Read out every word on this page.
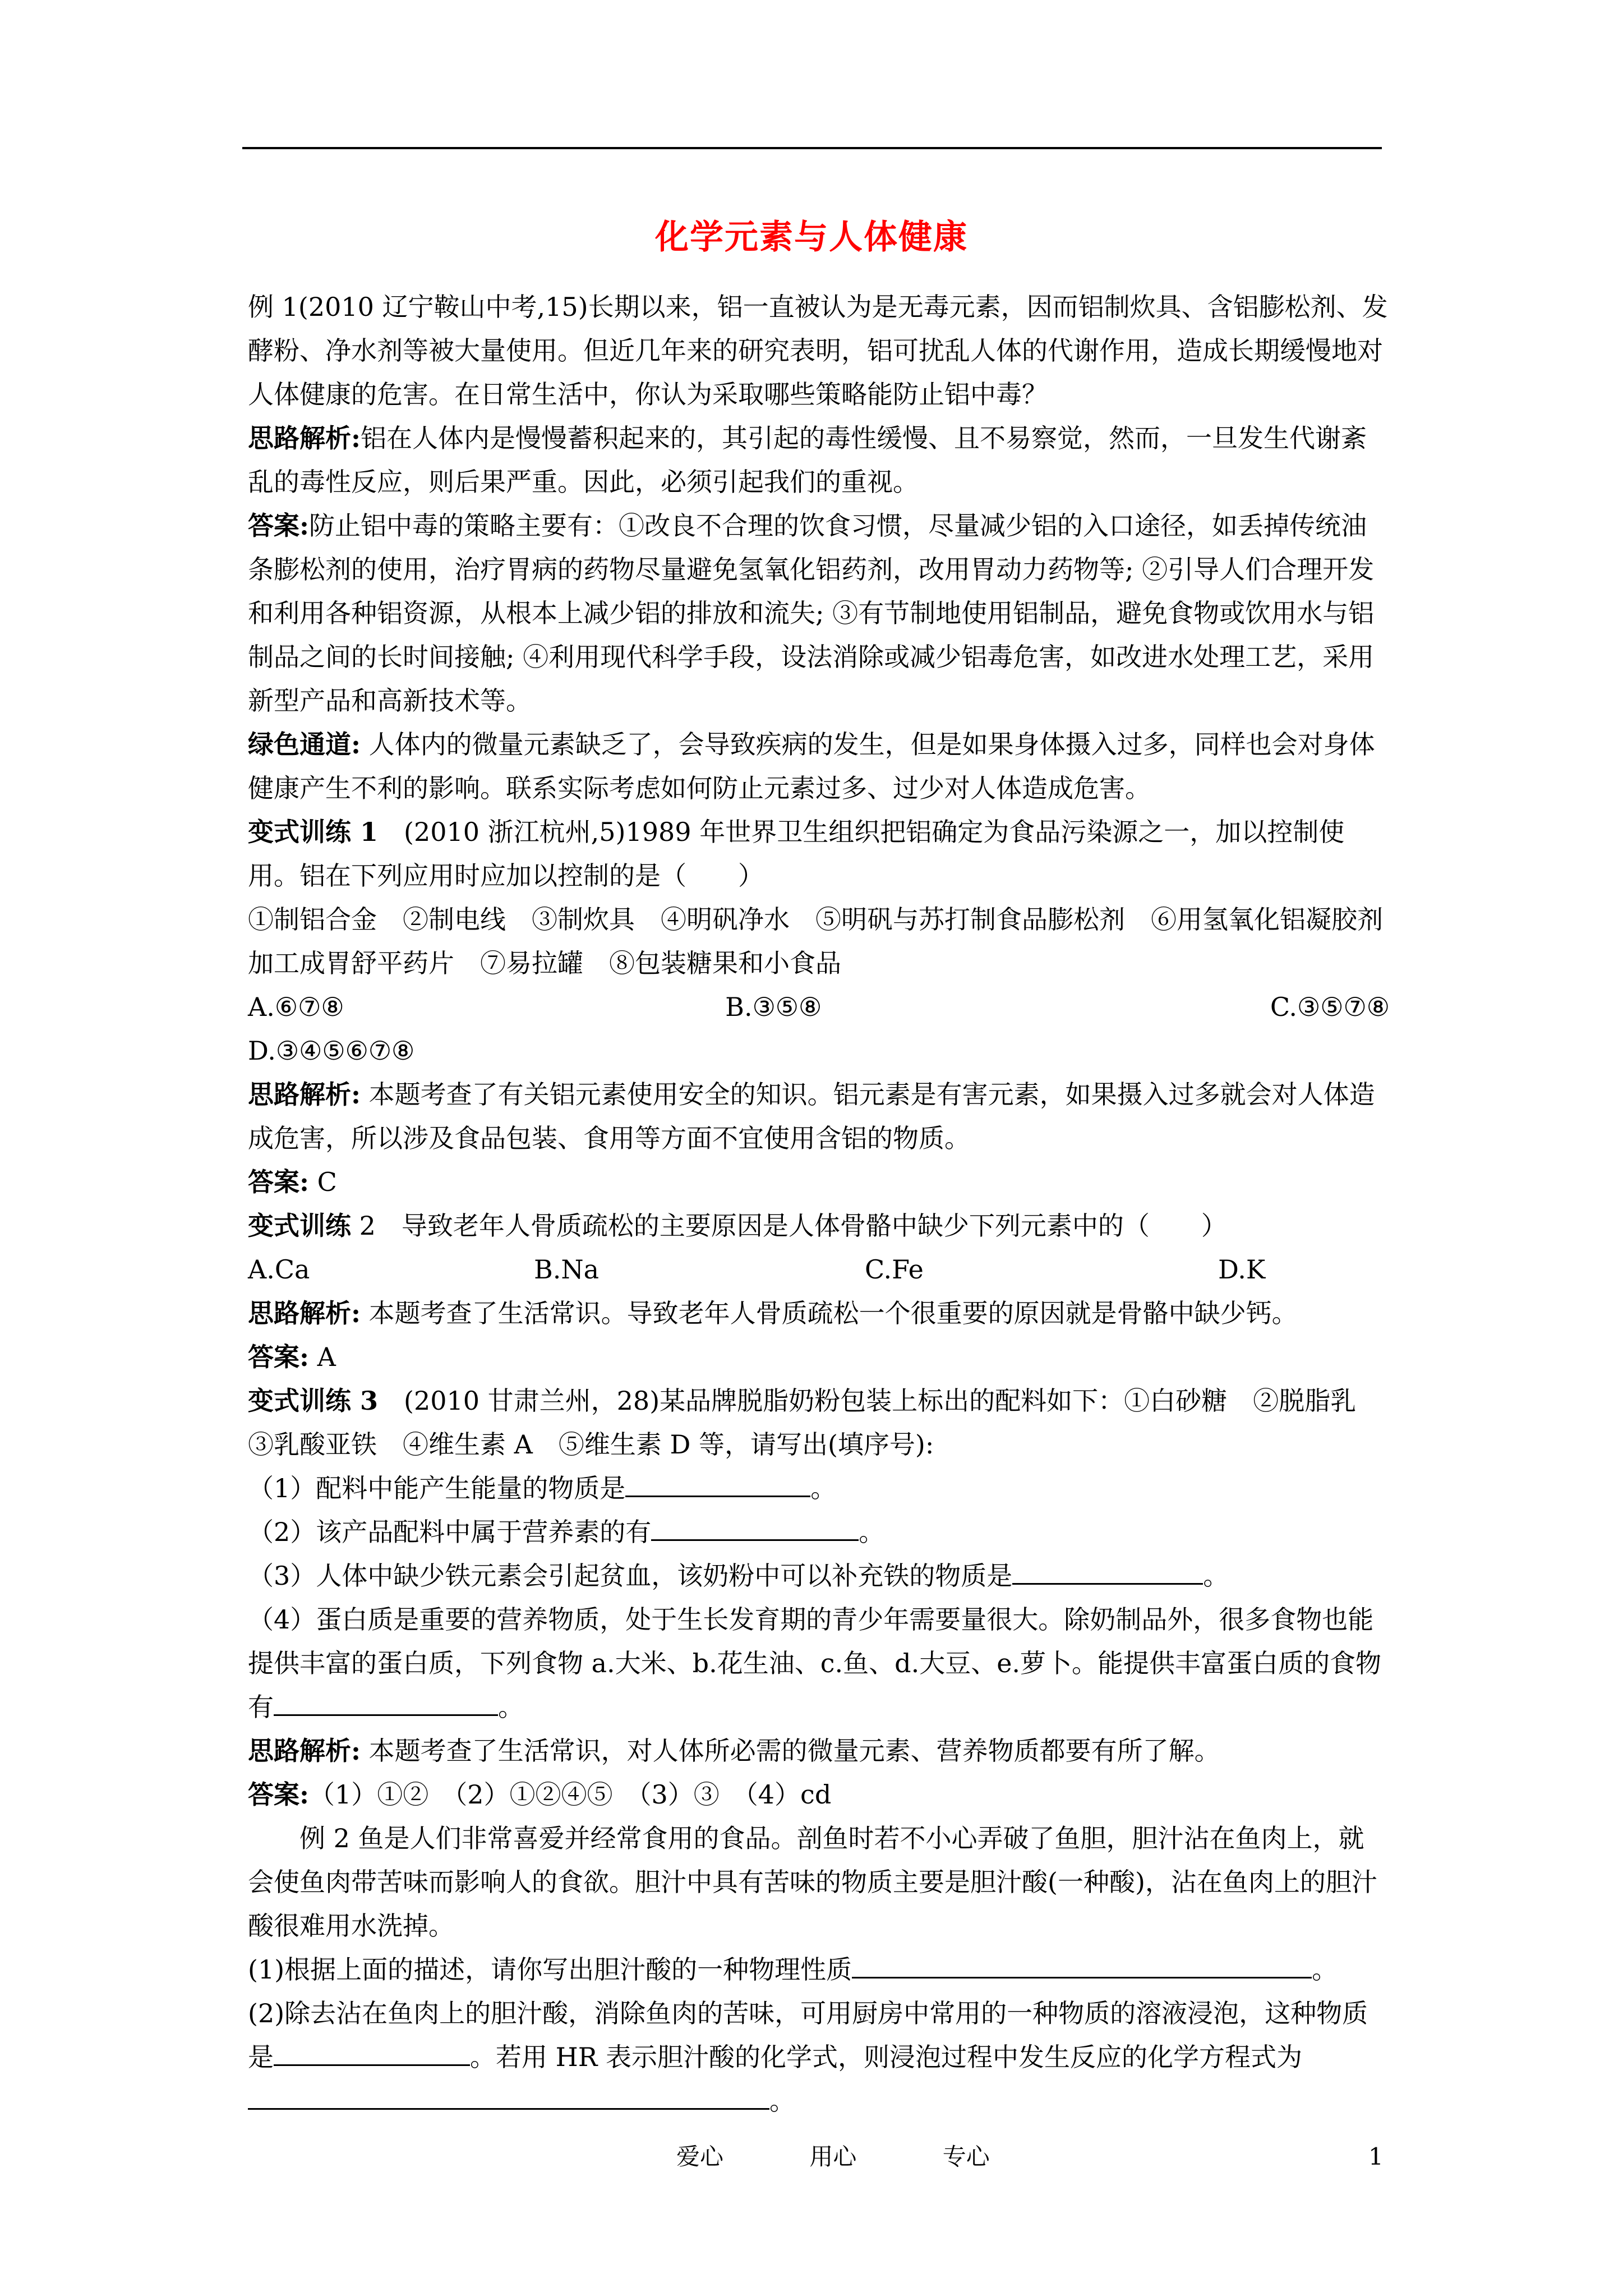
化学元素与人体健康

例 1(2010 辽宁鞍山中考,15)长期以来，铝一直被认为是无毒元素，因而铝制炊具、含铝膨松剂、发酵粉、净水剂等被大量使用。但近几年来的研究表明，铝可扰乱人体的代谢作用，造成长期缓慢地对人体健康的危害。在日常生活中，你认为采取哪些策略能防止铝中毒？

思路解析:铝在人体内是慢慢蓄积起来的，其引起的毒性缓慢、且不易察觉，然而，一旦发生代谢紊乱的毒性反应，则后果严重。因此，必须引起我们的重视。

答案:防止铝中毒的策略主要有：①改良不合理的饮食习惯，尽量减少铝的入口途径，如丢掉传统油条膨松剂的使用，治疗胃病的药物尽量避免氢氧化铝药剂，改用胃动力药物等; ②引导人们合理开发和利用各种铝资源，从根本上减少铝的排放和流失; ③有节制地使用铝制品，避免食物或饮用水与铝制品之间的长时间接触; ④利用现代科学手段，设法消除或减少铝毒危害，如改进水处理工艺，采用新型产品和高新技术等。

绿色通道: 人体内的微量元素缺乏了，会导致疾病的发生，但是如果身体摄入过多，同样也会对身体健康产生不利的影响。联系实际考虑如何防止元素过多、过少对人体造成危害。

变式训练 1　(2010 浙江杭州,5)1989 年世界卫生组织把铝确定为食品污染源之一，加以控制使用。铝在下列应用时应加以控制的是（　　）

①制铝合金　②制电线　③制炊具　④明矾净水　⑤明矾与苏打制食品膨松剂　⑥用氢氧化铝凝胶剂加工成胃舒平药片　⑦易拉罐　⑧包装糖果和小食品

A.⑥⑦⑧	B.③⑤⑧	C.③⑤⑦⑧

D.③④⑤⑥⑦⑧

思路解析: 本题考查了有关铝元素使用安全的知识。铝元素是有害元素，如果摄入过多就会对人体造成危害，所以涉及食品包装、食用等方面不宜使用含铝的物质。

答案: C

变式训练 2　导致老年人骨质疏松的主要原因是人体骨骼中缺少下列元素中的（　　）

A.Ca	B.Na	C.Fe	D.K

思路解析: 本题考查了生活常识。导致老年人骨质疏松一个很重要的原因就是骨骼中缺少钙。

答案: A

变式训练 3　(2010 甘肃兰州，28)某品牌脱脂奶粉包装上标出的配料如下：①白砂糖　②脱脂乳　③乳酸亚铁　④维生素 A　⑤维生素 D 等，请写出(填序号):

（1）配料中能产生能量的物质是	。

（2）该产品配料中属于营养素的有	。

（3）人体中缺少铁元素会引起贫血，该奶粉中可以补充铁的物质是	。

（4）蛋白质是重要的营养物质，处于生长发育期的青少年需要量很大。除奶制品外，很多食物也能提供丰富的蛋白质，下列食物 a.大米、b.花生油、c.鱼、d.大豆、e.萝卜。能提供丰富蛋白质的食物有	。

思路解析: 本题考查了生活常识，对人体所必需的微量元素、营养物质都要有所了解。

答案:（1）①②　（2）①②④⑤　（3）③　（4）cd

例 2 鱼是人们非常喜爱并经常食用的食品。剖鱼时若不小心弄破了鱼胆，胆汁沾在鱼肉上，就会使鱼肉带苦味而影响人的食欲。胆汁中具有苦味的物质主要是胆汁酸(一种酸)，沾在鱼肉上的胆汁酸很难用水洗掉。

(1)根据上面的描述，请你写出胆汁酸的一种物理性质	。

(2)除去沾在鱼肉上的胆汁酸，消除鱼肉的苦味，可用厨房中常用的一种物质的溶液浸泡，这种物质是	。若用 HR 表示胆汁酸的化学式，则浸泡过程中发生反应的化学方程式为。

爱心	用心	专心	1
